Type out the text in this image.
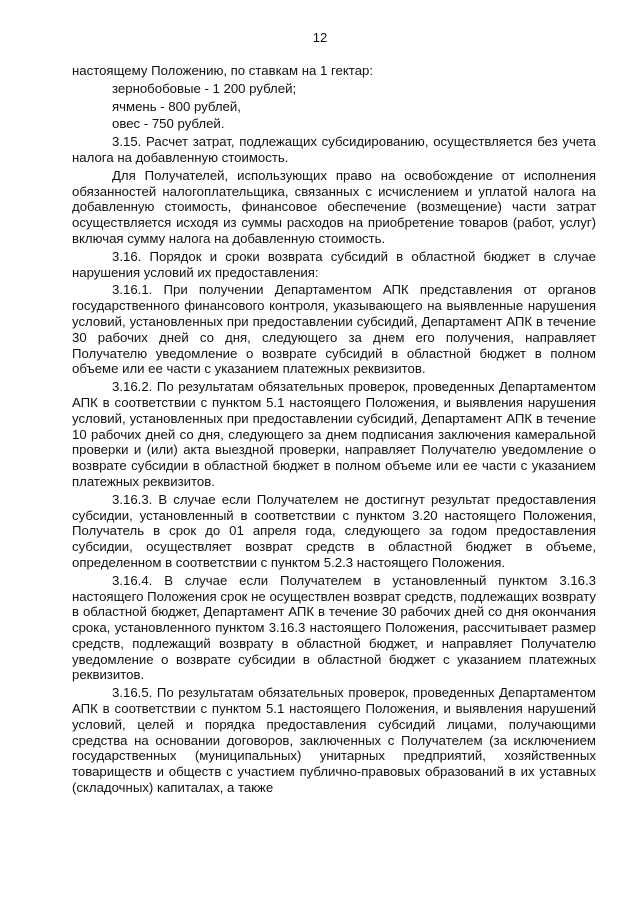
12

настоящему Положению, по ставкам на 1 гектар:

зернобобовые - 1 200 рублей;

ячмень - 800 рублей,

овес - 750 рублей.

3.15. Расчет затрат, подлежащих субсидированию, осуществляется без учета налога на добавленную стоимость.

Для Получателей, использующих право на освобождение от исполнения обязанностей налогоплательщика, связанных с исчислением и уплатой налога на добавленную стоимость, финансовое обеспечение (возмещение) части затрат осуществляется исходя из суммы расходов на приобретение товаров (работ, услуг) включая сумму налога на добавленную стоимость.

3.16. Порядок и сроки возврата субсидий в областной бюджет в случае нарушения условий их предоставления:

3.16.1. При получении Департаментом АПК представления от органов государственного финансового контроля, указывающего на выявленные нарушения условий, установленных при предоставлении субсидий, Департамент АПК в течение 30 рабочих дней со дня, следующего за днем его получения, направляет Получателю уведомление о возврате субсидий в областной бюджет в полном объеме или ее части с указанием платежных реквизитов.

3.16.2. По результатам обязательных проверок, проведенных Департаментом АПК в соответствии с пунктом 5.1 настоящего Положения, и выявления нарушения условий, установленных при предоставлении субсидий, Департамент АПК в течение 10 рабочих дней со дня, следующего за днем подписания заключения камеральной проверки и (или) акта выездной проверки, направляет Получателю уведомление о возврате субсидии в областной бюджет в полном объеме или ее части с указанием платежных реквизитов.

3.16.3. В случае если Получателем не достигнут результат предоставления субсидии, установленный в соответствии с пунктом 3.20 настоящего Положения, Получатель в срок до 01 апреля года, следующего за годом предоставления субсидии, осуществляет возврат средств в областной бюджет в объеме, определенном в соответствии с пунктом 5.2.3 настоящего Положения.

3.16.4. В случае если Получателем в установленный пунктом 3.16.3 настоящего Положения срок не осуществлен возврат средств, подлежащих возврату в областной бюджет, Департамент АПК в течение 30 рабочих дней со дня окончания срока, установленного пунктом 3.16.3 настоящего Положения, рассчитывает размер средств, подлежащий возврату в областной бюджет, и направляет Получателю уведомление о возврате субсидии в областной бюджет с указанием платежных реквизитов.

3.16.5. По результатам обязательных проверок, проведенных Департаментом АПК в соответствии с пунктом 5.1 настоящего Положения, и выявления нарушений условий, целей и порядка предоставления субсидий лицами, получающими средства на основании договоров, заключенных с Получателем (за исключением государственных (муниципальных) унитарных предприятий, хозяйственных товариществ и обществ с участием публично-правовых образований в их уставных (складочных) капиталах, а также
